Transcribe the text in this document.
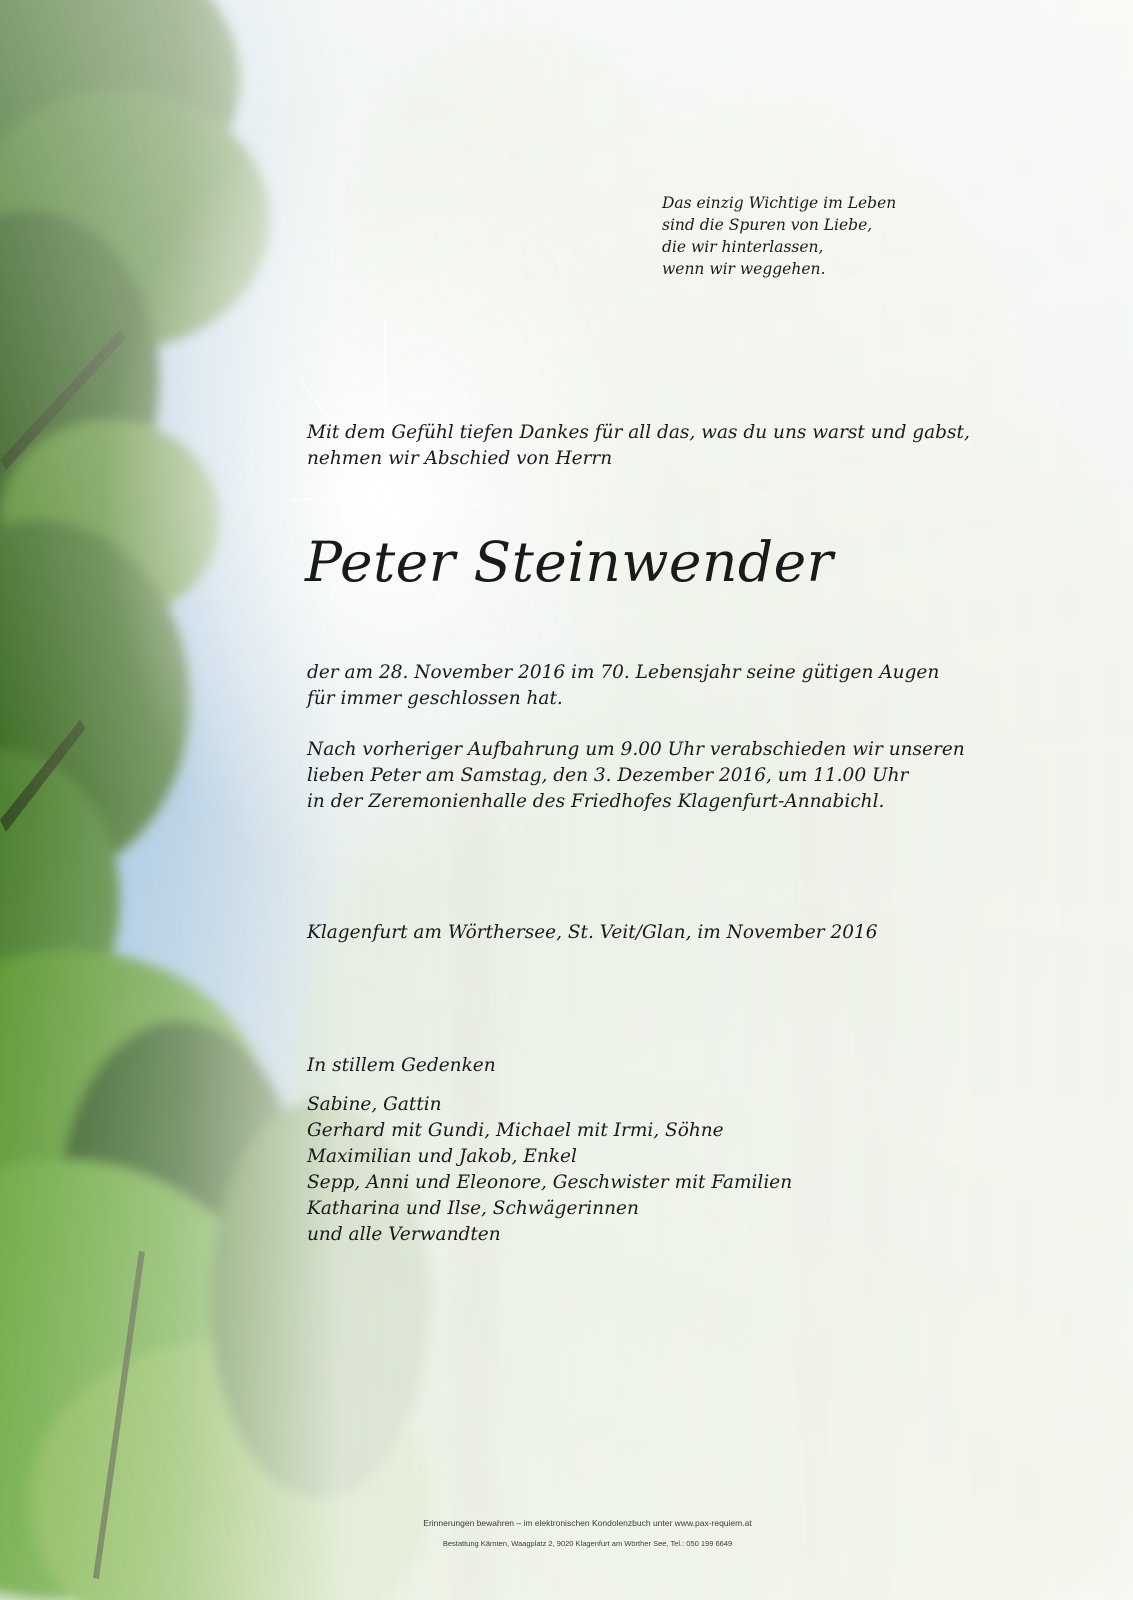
Das einzig Wichtige im Leben
sind die Spuren von Liebe,
die wir hinterlassen,
wenn wir weggehen.
Mit dem Gefühl tiefen Dankes für all das, was du uns warst und gabst,
nehmen wir Abschied von Herrn
Peter Steinwender
der am 28. November 2016 im 70. Lebensjahr seine gütigen Augen
für immer geschlossen hat.
Nach vorheriger Aufbahrung um 9.00 Uhr verabschieden wir unseren
lieben Peter am Samstag, den 3. Dezember 2016, um 11.00 Uhr
in der Zeremonienhalle des Friedhofes Klagenfurt-Annabichl.
Klagenfurt am Wörthersee, St. Veit/Glan, im November 2016
In stillem Gedenken
Sabine, Gattin
Gerhard mit Gundi, Michael mit Irmi, Söhne
Maximilian und Jakob, Enkel
Sepp, Anni und Eleonore, Geschwister mit Familien
Katharina und Ilse, Schwägerinnen
und alle Verwandten
Erinnerungen bewahren – im elektronischen Kondolenzbuch unter www.pax-requiem.at
Bestattung Kärnten, Waagplatz 2, 9020 Klagenfurt am Wörther See, Tel.: 050 199 6649
